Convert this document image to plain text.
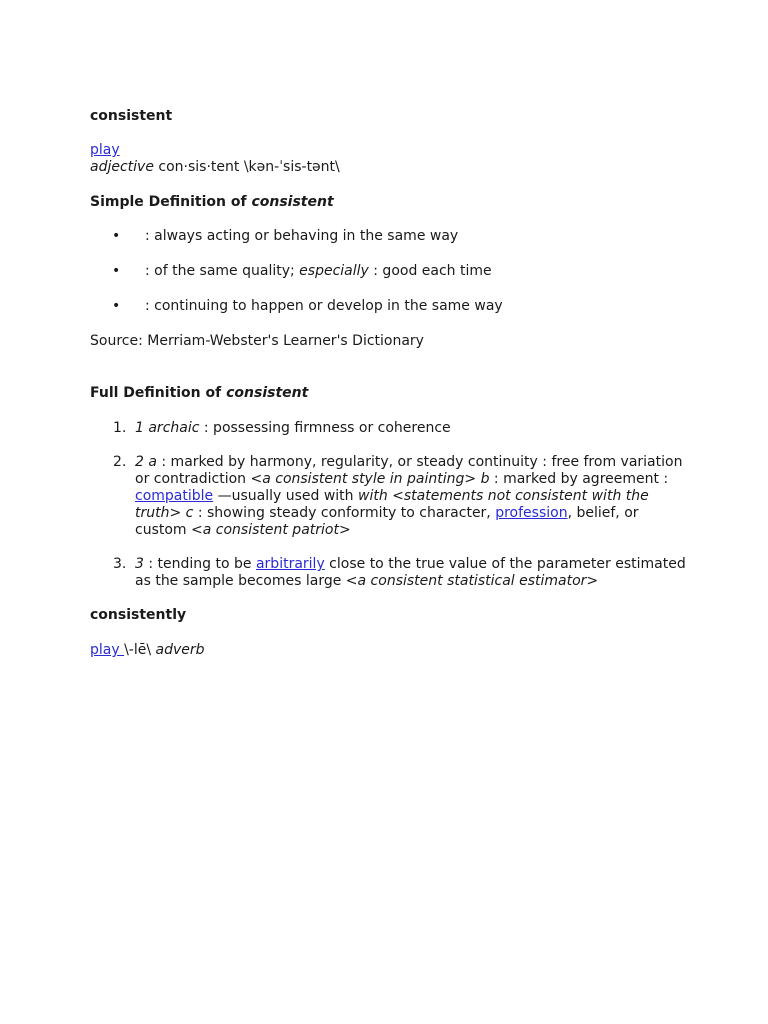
consistent

play

adjective con·sis·tent \kən-ˈsis-tənt\

Simple Definition of consistent

• : always acting or behaving in the same way
• : of the same quality; especially : good each time
• : continuing to happen or develop in the same way

Source: Merriam-Webster's Learner's Dictionary

Full Definition of consistent

1. 1 archaic : possessing firmness or coherence
2. 2 a : marked by harmony, regularity, or steady continuity : free from variation or contradiction <a consistent style in painting> b : marked by agreement : compatible —usually used with with <statements not consistent with the truth> c : showing steady conformity to character, profession, belief, or custom <a consistent patriot>
3. 3 : tending to be arbitrarily close to the true value of the parameter estimated as the sample becomes large <a consistent statistical estimator>

consistently

play \-lē\ adverb
